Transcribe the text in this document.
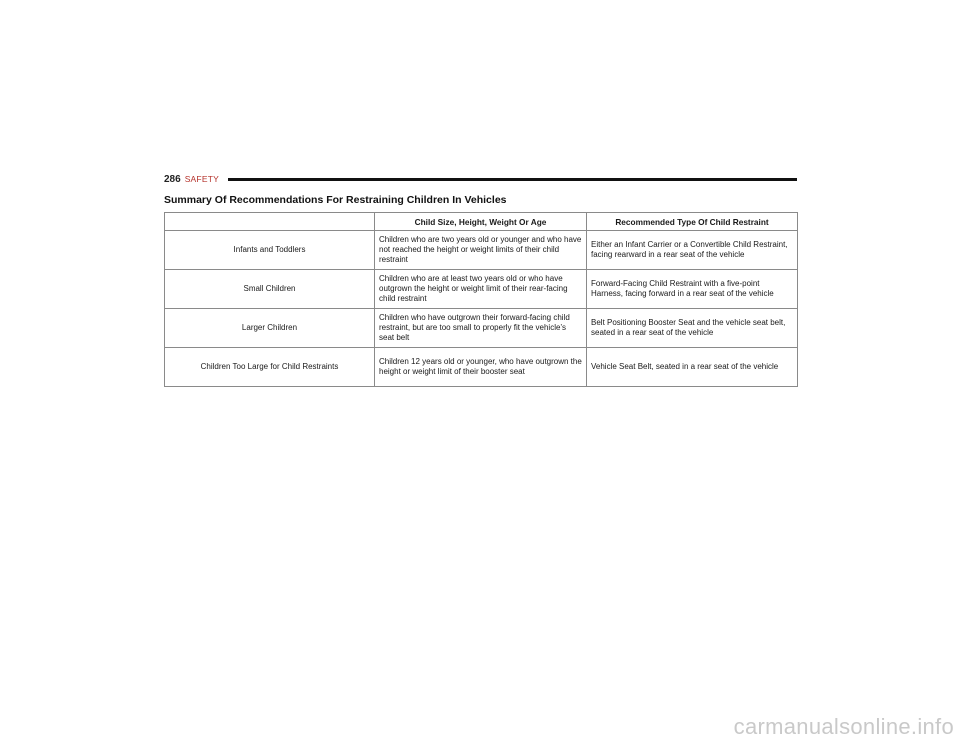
286 SAFETY
Summary Of Recommendations For Restraining Children In Vehicles
	Child Size, Height, Weight Or Age	Recommended Type Of Child Restraint
Infants and Toddlers	Children who are two years old or younger and who have not reached the height or weight limits of their child restraint	Either an Infant Carrier or a Convertible Child Restraint, facing rearward in a rear seat of the vehicle
Small Children	Children who are at least two years old or who have outgrown the height or weight limit of their rear-facing child restraint	Forward-Facing Child Restraint with a five-point Harness, facing forward in a rear seat of the vehicle
Larger Children	Children who have outgrown their forward-facing child restraint, but are too small to properly fit the vehicle’s seat belt	Belt Positioning Booster Seat and the vehicle seat belt, seated in a rear seat of the vehicle
Children Too Large for Child Restraints	Children 12 years old or younger, who have outgrown the height or weight limit of their booster seat	Vehicle Seat Belt, seated in a rear seat of the vehicle
carmanualsonline.info
